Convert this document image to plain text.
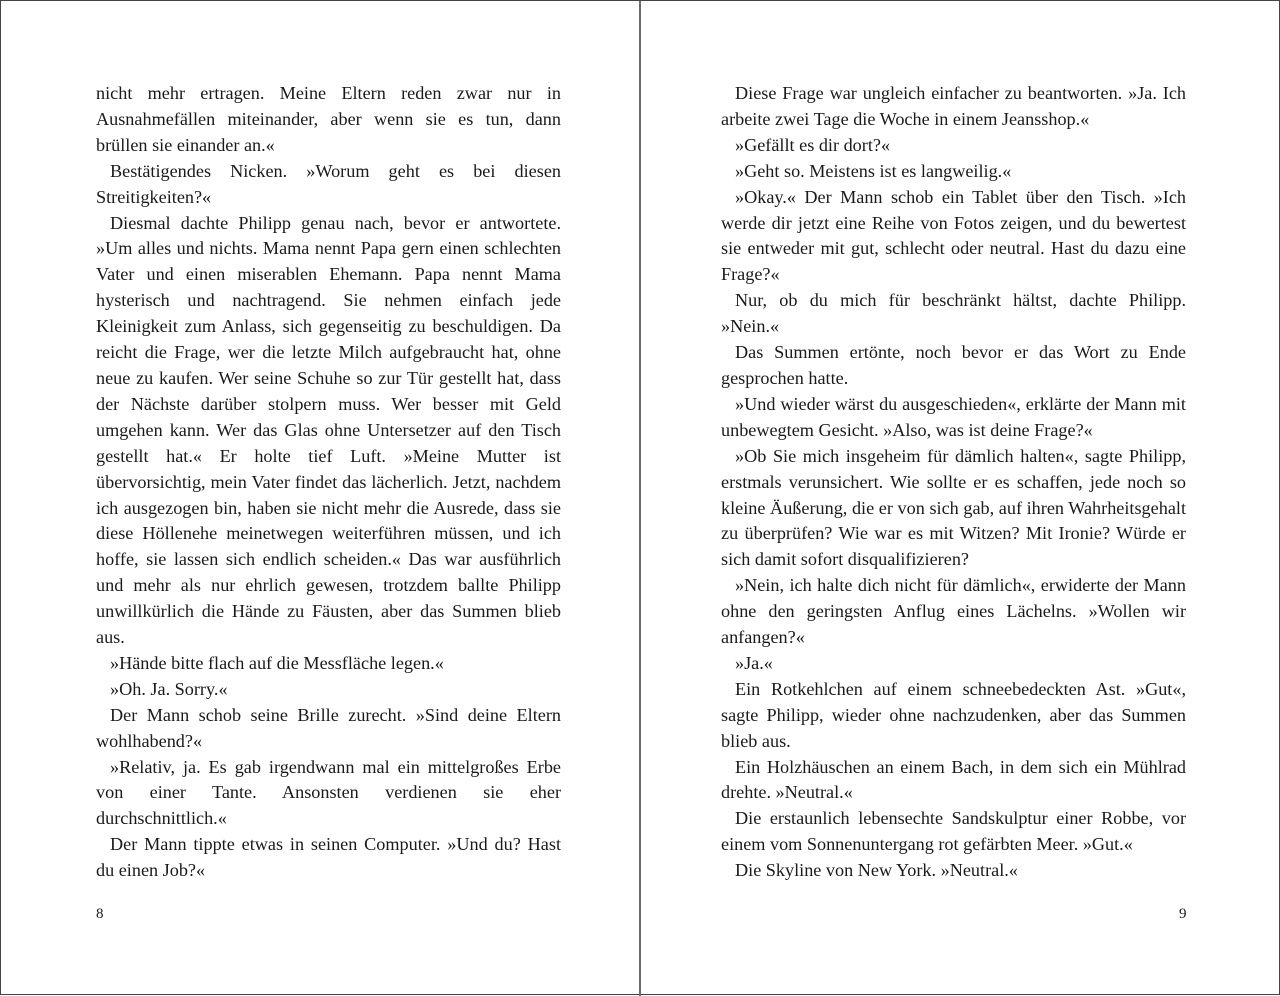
nicht mehr ertragen. Meine Eltern reden zwar nur in Ausnahmefällen miteinander, aber wenn sie es tun, dann brüllen sie einander an.«

Bestätigendes Nicken. »Worum geht es bei diesen Streitigkeiten?«

Diesmal dachte Philipp genau nach, bevor er antwortete. »Um alles und nichts. Mama nennt Papa gern einen schlechten Vater und einen miserablen Ehemann. Papa nennt Mama hysterisch und nachtragend. Sie nehmen einfach jede Kleinigkeit zum Anlass, sich gegenseitig zu beschuldigen. Da reicht die Frage, wer die letzte Milch aufgebraucht hat, ohne neue zu kaufen. Wer seine Schuhe so zur Tür gestellt hat, dass der Nächste darüber stolpern muss. Wer besser mit Geld umgehen kann. Wer das Glas ohne Untersetzer auf den Tisch gestellt hat.« Er holte tief Luft. »Meine Mutter ist übervorsichtig, mein Vater findet das lächerlich. Jetzt, nachdem ich ausgezogen bin, haben sie nicht mehr die Ausrede, dass sie diese Höllenehe meinetwegen weiterführen müssen, und ich hoffe, sie lassen sich endlich scheiden.« Das war ausführlich und mehr als nur ehrlich gewesen, trotzdem ballte Philipp unwillkürlich die Hände zu Fäusten, aber das Summen blieb aus.

»Hände bitte flach auf die Messfläche legen.«

»Oh. Ja. Sorry.«

Der Mann schob seine Brille zurecht. »Sind deine Eltern wohlhabend?«

»Relativ, ja. Es gab irgendwann mal ein mittelgroßes Erbe von einer Tante. Ansonsten verdienen sie eher durchschnittlich.«

Der Mann tippte etwas in seinen Computer. »Und du? Hast du einen Job?«

8

Diese Frage war ungleich einfacher zu beantworten. »Ja. Ich arbeite zwei Tage die Woche in einem Jeansshop.«

»Gefällt es dir dort?«

»Geht so. Meistens ist es langweilig.«

»Okay.« Der Mann schob ein Tablet über den Tisch. »Ich werde dir jetzt eine Reihe von Fotos zeigen, und du bewertest sie entweder mit gut, schlecht oder neutral. Hast du dazu eine Frage?«

Nur, ob du mich für beschränkt hältst, dachte Philipp. »Nein.«

Das Summen ertönte, noch bevor er das Wort zu Ende gesprochen hatte.

»Und wieder wärst du ausgeschieden«, erklärte der Mann mit unbewegtem Gesicht. »Also, was ist deine Frage?«

»Ob Sie mich insgeheim für dämlich halten«, sagte Philipp, erstmals verunsichert. Wie sollte er es schaffen, jede noch so kleine Äußerung, die er von sich gab, auf ihren Wahrheitsgehalt zu überprüfen? Wie war es mit Witzen? Mit Ironie? Würde er sich damit sofort disqualifizieren?

»Nein, ich halte dich nicht für dämlich«, erwiderte der Mann ohne den geringsten Anflug eines Lächelns. »Wollen wir anfangen?«

»Ja.«

Ein Rotkehlchen auf einem schneebedeckten Ast. »Gut«, sagte Philipp, wieder ohne nachzudenken, aber das Summen blieb aus.

Ein Holzhäuschen an einem Bach, in dem sich ein Mühlrad drehte. »Neutral.«

Die erstaunlich lebensechte Sandskulptur einer Robbe, vor einem vom Sonnenuntergang rot gefärbten Meer. »Gut.«

Die Skyline von New York. »Neutral.«

9
